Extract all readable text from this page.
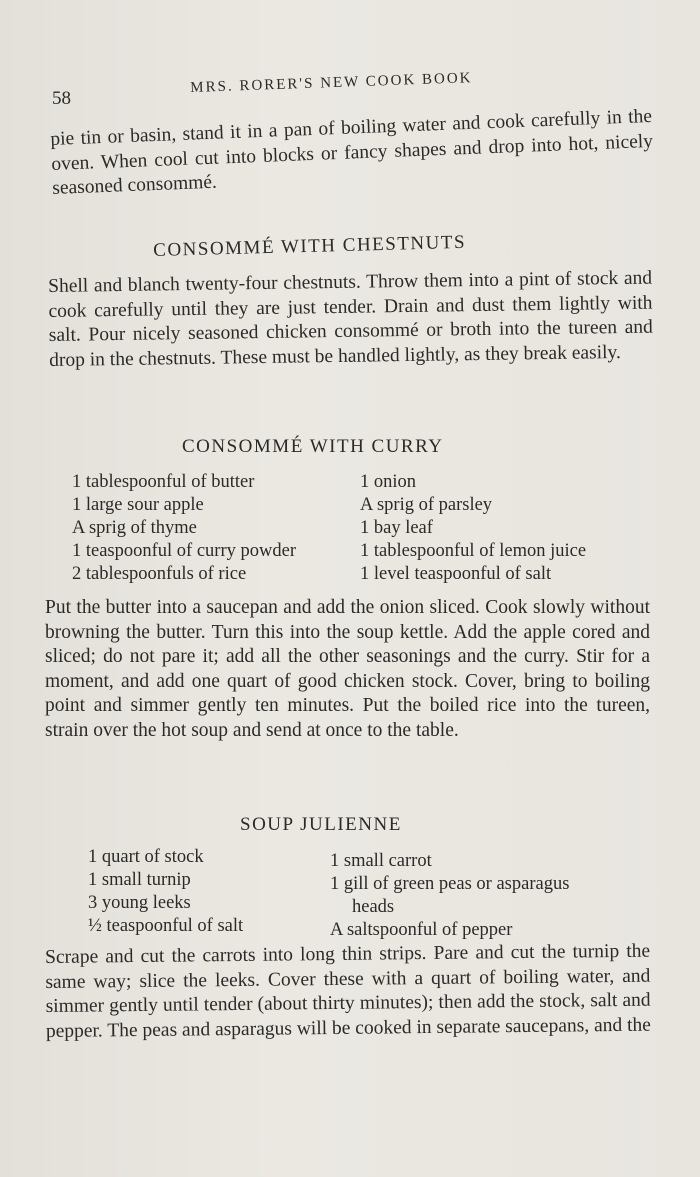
58
MRS. RORER'S NEW COOK BOOK
pie tin or basin, stand it in a pan of boiling water and cook carefully in the oven. When cool cut into blocks or fancy shapes and drop into hot, nicely seasoned consommé.
CONSOMMÉ WITH CHESTNUTS
Shell and blanch twenty-four chestnuts. Throw them into a pint of stock and cook carefully until they are just tender. Drain and dust them lightly with salt. Pour nicely seasoned chicken consommé or broth into the tureen and drop in the chestnuts. These must be handled lightly, as they break easily.
CONSOMMÉ WITH CURRY
1 tablespoonful of butter
1 large sour apple
A sprig of thyme
1 teaspoonful of curry powder
2 tablespoonfuls of rice
1 onion
A sprig of parsley
1 bay leaf
1 tablespoonful of lemon juice
1 level teaspoonful of salt
Put the butter into a saucepan and add the onion sliced. Cook slowly without browning the butter. Turn this into the soup kettle. Add the apple cored and sliced; do not pare it; add all the other seasonings and the curry. Stir for a moment, and add one quart of good chicken stock. Cover, bring to boiling point and simmer gently ten minutes. Put the boiled rice into the tureen, strain over the hot soup and send at once to the table.
SOUP JULIENNE
1 quart of stock
1 small turnip
3 young leeks
½ teaspoonful of salt
1 small carrot
1 gill of green peas or asparagus
heads
A saltspoonful of pepper
Scrape and cut the carrots into long thin strips. Pare and cut the turnip the same way; slice the leeks. Cover these with a quart of boiling water, and simmer gently until tender (about thirty minutes); then add the stock, salt and pepper. The peas and asparagus will be cooked in separate saucepans, and the
